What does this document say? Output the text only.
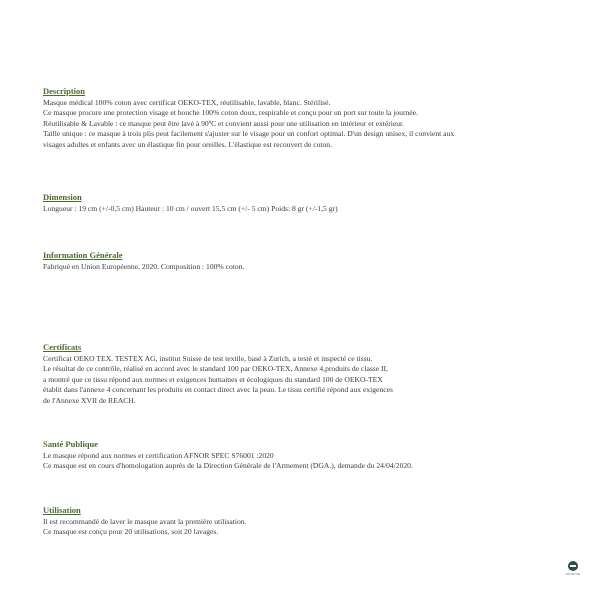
Description
Masque médical 100% coton avec certificat OEKO-TEX, réutilisable, lavable, blanc. Stérilisé.
Ce masque procure une protection visage et bouche 100% coton doux, respirable et conçu pour un port sur toute la journée.
Réutilisable & Lavable : ce masque peut être lavé à 90ºC et convient aussi pour une utilisation en intérieur et extérieur.
Taille unique : ce masque à trois plis peut facilement s'ajuster sur le visage pour un confort optimal. D'un design unisex, il convient aux
visages adultes et enfants avec un élastique fin pour oreilles. L'élastique est recouvert de coton.
Dimension
Longueur : 19 cm (+/-0,5 cm) Hauteur : 10 cm / ouvert 15,5 cm (+/- 5 cm) Poids: 8 gr (+/-1,5 gr)
Information Générale
Fabriqué en Union Européenne, 2020. Composition : 100% coton.
Certificats
Certificat OEKO TEX. TESTEX AG, institut Suisse de test textile, basé à Zurich, a testé et inspecté ce tissu.
Le résultat de ce contrôle, réalisé en accord avec le standard 100 par OEKO-TEX, Annexe 4,produits de classe II,
a montré que ce tissu répond aux normes et exigences humaines et écologiques du standard 100 de OEKO-TEX
établit dans l'annexe 4 concernant les produits en contact direct avec la peau. Le tissu certifié répond aux exigences
de l'Annexe XVII de REACH.
Santé Publique
Le masque répond aux normes et certification AFNOR SPEC S76001 :2020
Ce masque est en cours d'homologation auprès de la Direction Générale de l'Armement (DGA.), demande du 24/04/2020.
Utilisation
Il est recommandé de laver le masque avant la première utilisation.
Ce masque est conçu pour 20 utilisations, soit 20 lavages.
ORIGINE
